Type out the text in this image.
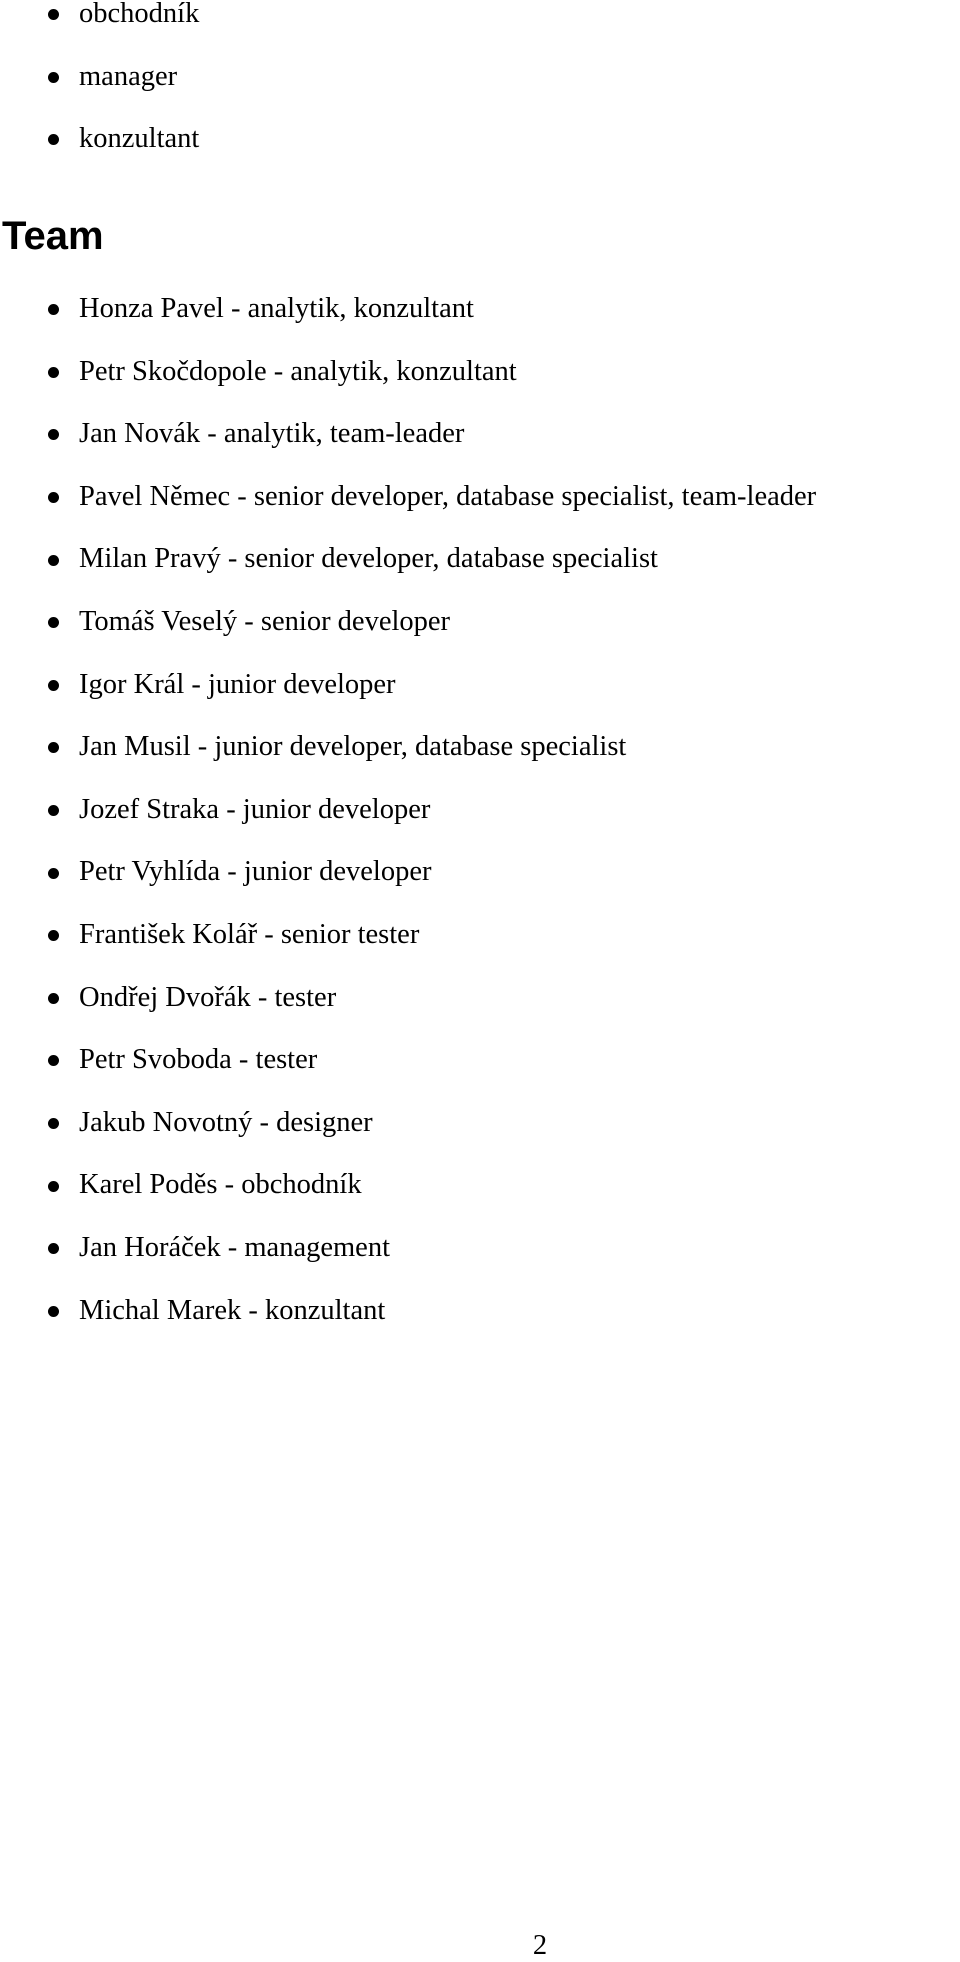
obchodník
manager
konzultant
Team
Honza Pavel - analytik, konzultant
Petr Skočdopole - analytik, konzultant
Jan Novák - analytik, team-leader
Pavel Němec - senior developer, database specialist, team-leader
Milan Pravý - senior developer, database specialist
Tomáš Veselý - senior developer
Igor Král - junior developer
Jan Musil - junior developer, database specialist
Jozef Straka - junior developer
Petr Vyhlída - junior developer
František Kolář - senior tester
Ondřej Dvořák - tester
Petr Svoboda - tester
Jakub Novotný - designer
Karel Poděs - obchodník
Jan Horáček - management
Michal Marek - konzultant
2
